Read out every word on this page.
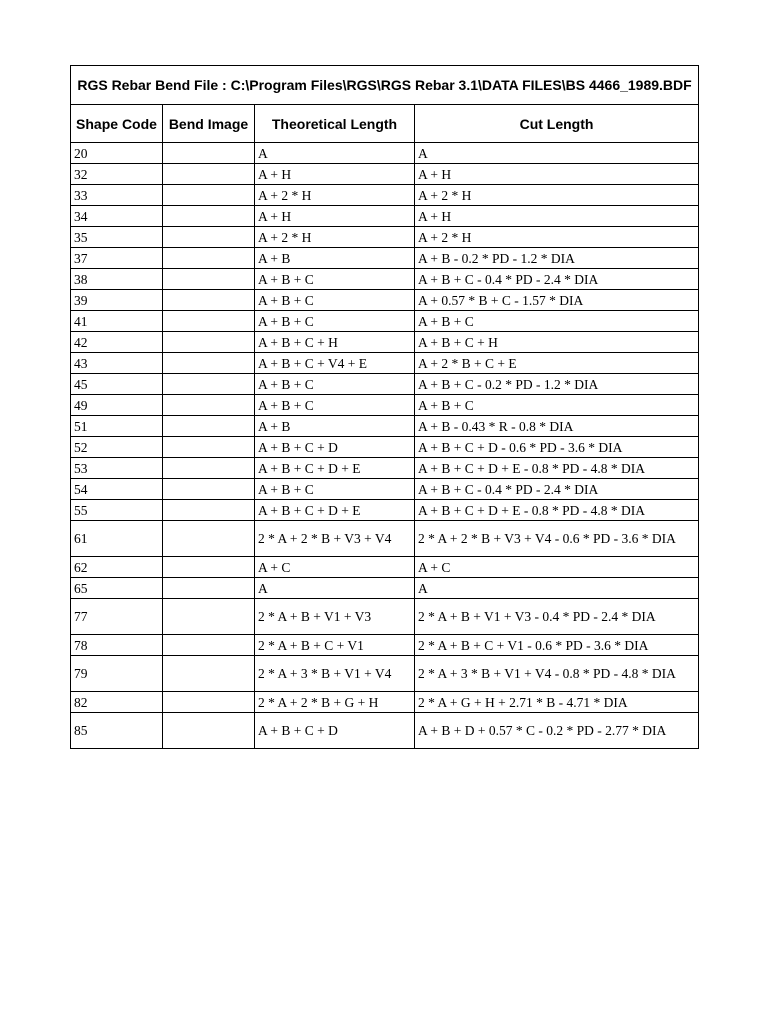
RGS Rebar Bend File : C:\Program Files\RGS\RGS Rebar 3.1\DATA FILES\BS 4466_1989.BDF			
Shape Code	Bend Image	Theoretical Length	Cut Length
20		A	A
32		A + H	A + H
33		A + 2 * H	A + 2 * H
34		A + H	A + H
35		A + 2 * H	A + 2 * H
37		A + B	A + B - 0.2 * PD - 1.2 * DIA
38		A + B + C	A + B + C - 0.4 * PD - 2.4 * DIA
39		A + B + C	A + 0.57 * B + C - 1.57 * DIA
41		A + B + C	A + B + C
42		A + B + C + H	A + B + C + H
43		A + B + C + V4 + E	A + 2 * B + C + E
45		A + B + C	A + B + C - 0.2 * PD - 1.2 * DIA
49		A + B + C	A + B + C
51		A + B	A + B - 0.43 * R - 0.8 * DIA
52		A + B + C + D	A + B + C + D - 0.6 * PD - 3.6 * DIA
53		A + B + C + D + E	A + B + C + D + E - 0.8 * PD - 4.8 * DIA
54		A + B + C	A + B + C - 0.4 * PD - 2.4 * DIA
55		A + B + C + D + E	A + B + C + D + E - 0.8 * PD - 4.8 * DIA
61		2 * A + 2 * B + V3 + V4	2 * A + 2 * B + V3 + V4 - 0.6 * PD - 3.6 * DIA
62		A + C	A + C
65		A	A
77		2 * A + B + V1 + V3	2 * A + B + V1 + V3 - 0.4 * PD - 2.4 * DIA
78		2 * A + B + C + V1	2 * A + B + C + V1 - 0.6 * PD - 3.6 * DIA
79		2 * A + 3 * B + V1 + V4	2 * A + 3 * B + V1 + V4 - 0.8 * PD - 4.8 * DIA
82		2 * A + 2 * B + G + H	2 * A + G + H + 2.71 * B - 4.71 * DIA
85		A + B + C + D	A + B + D + 0.57 * C - 0.2 * PD - 2.77 * DIA
